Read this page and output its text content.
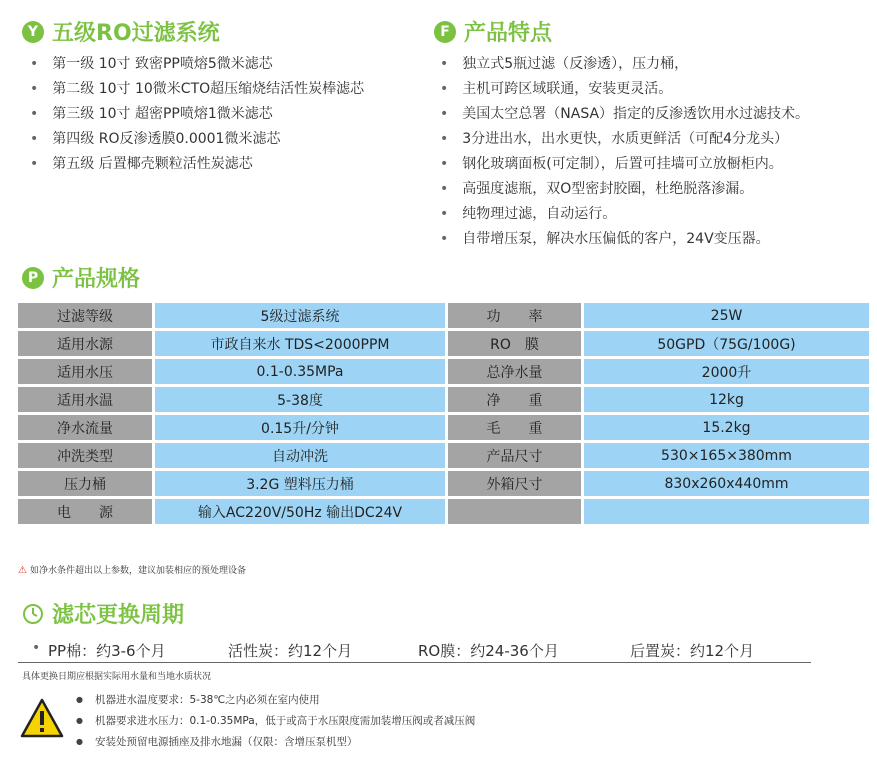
Y 五级RO过滤系统
• 第一级 10寸 致密PP喷熔5微米滤芯
• 第二级 10寸 10微米CTO超压缩烧结活性炭棒滤芯
• 第三级 10寸 超密PP喷熔1微米滤芯
• 第四级 RO反渗透膜0.0001微米滤芯
• 第五级 后置椰壳颗粒活性炭滤芯
F 产品特点
• 独立式5瓶过滤（反渗透），压力桶，
• 主机可跨区域联通，安装更灵活。
• 美国太空总署（NASA）指定的反渗透饮用水过滤技术。
• 3分进出水，出水更快，水质更鲜活（可配4分龙头）
• 钢化玻璃面板(可定制），后置可挂墙可立放橱柜内。
• 高强度滤瓶，双O型密封胶圈，杜绝脱落渗漏。
• 纯物理过滤，自动运行。
• 自带增压泵，解决水压偏低的客户，24V变压器。
P 产品规格
过滤等级	5级过滤系统	功　　率	25W
适用水源	市政自来水 TDS<2000PPM	RO　膜	50GPD（75G/100G)
适用水压	0.1-0.35MPa	总净水量	2000升
适用水温	5-38度	净　　重	12kg
净水流量	0.15升/分钟	毛　　重	15.2kg
冲洗类型	自动冲洗	产品尺寸	530×165×380mm
压力桶	3.2G 塑料压力桶	外箱尺寸	830x260x440mm
电　　源	输入AC220V/50Hz 输出DC24V		
⚠ 如净水条件超出以上参数，建议加装相应的预处理设备
滤芯更换周期
• PP棉：约3-6个月	活性炭：约12个月	RO膜：约24-36个月	后置炭：约12个月
具体更换日期应根据实际用水量和当地水质状况
● 机器进水温度要求：5-38℃之内必须在室内使用
● 机器要求进水压力：0.1-0.35MPa，低于或高于水压限度需加装增压阀或者减压阀
● 安装处预留电源插座及排水地漏（仅限：含增压泵机型）
